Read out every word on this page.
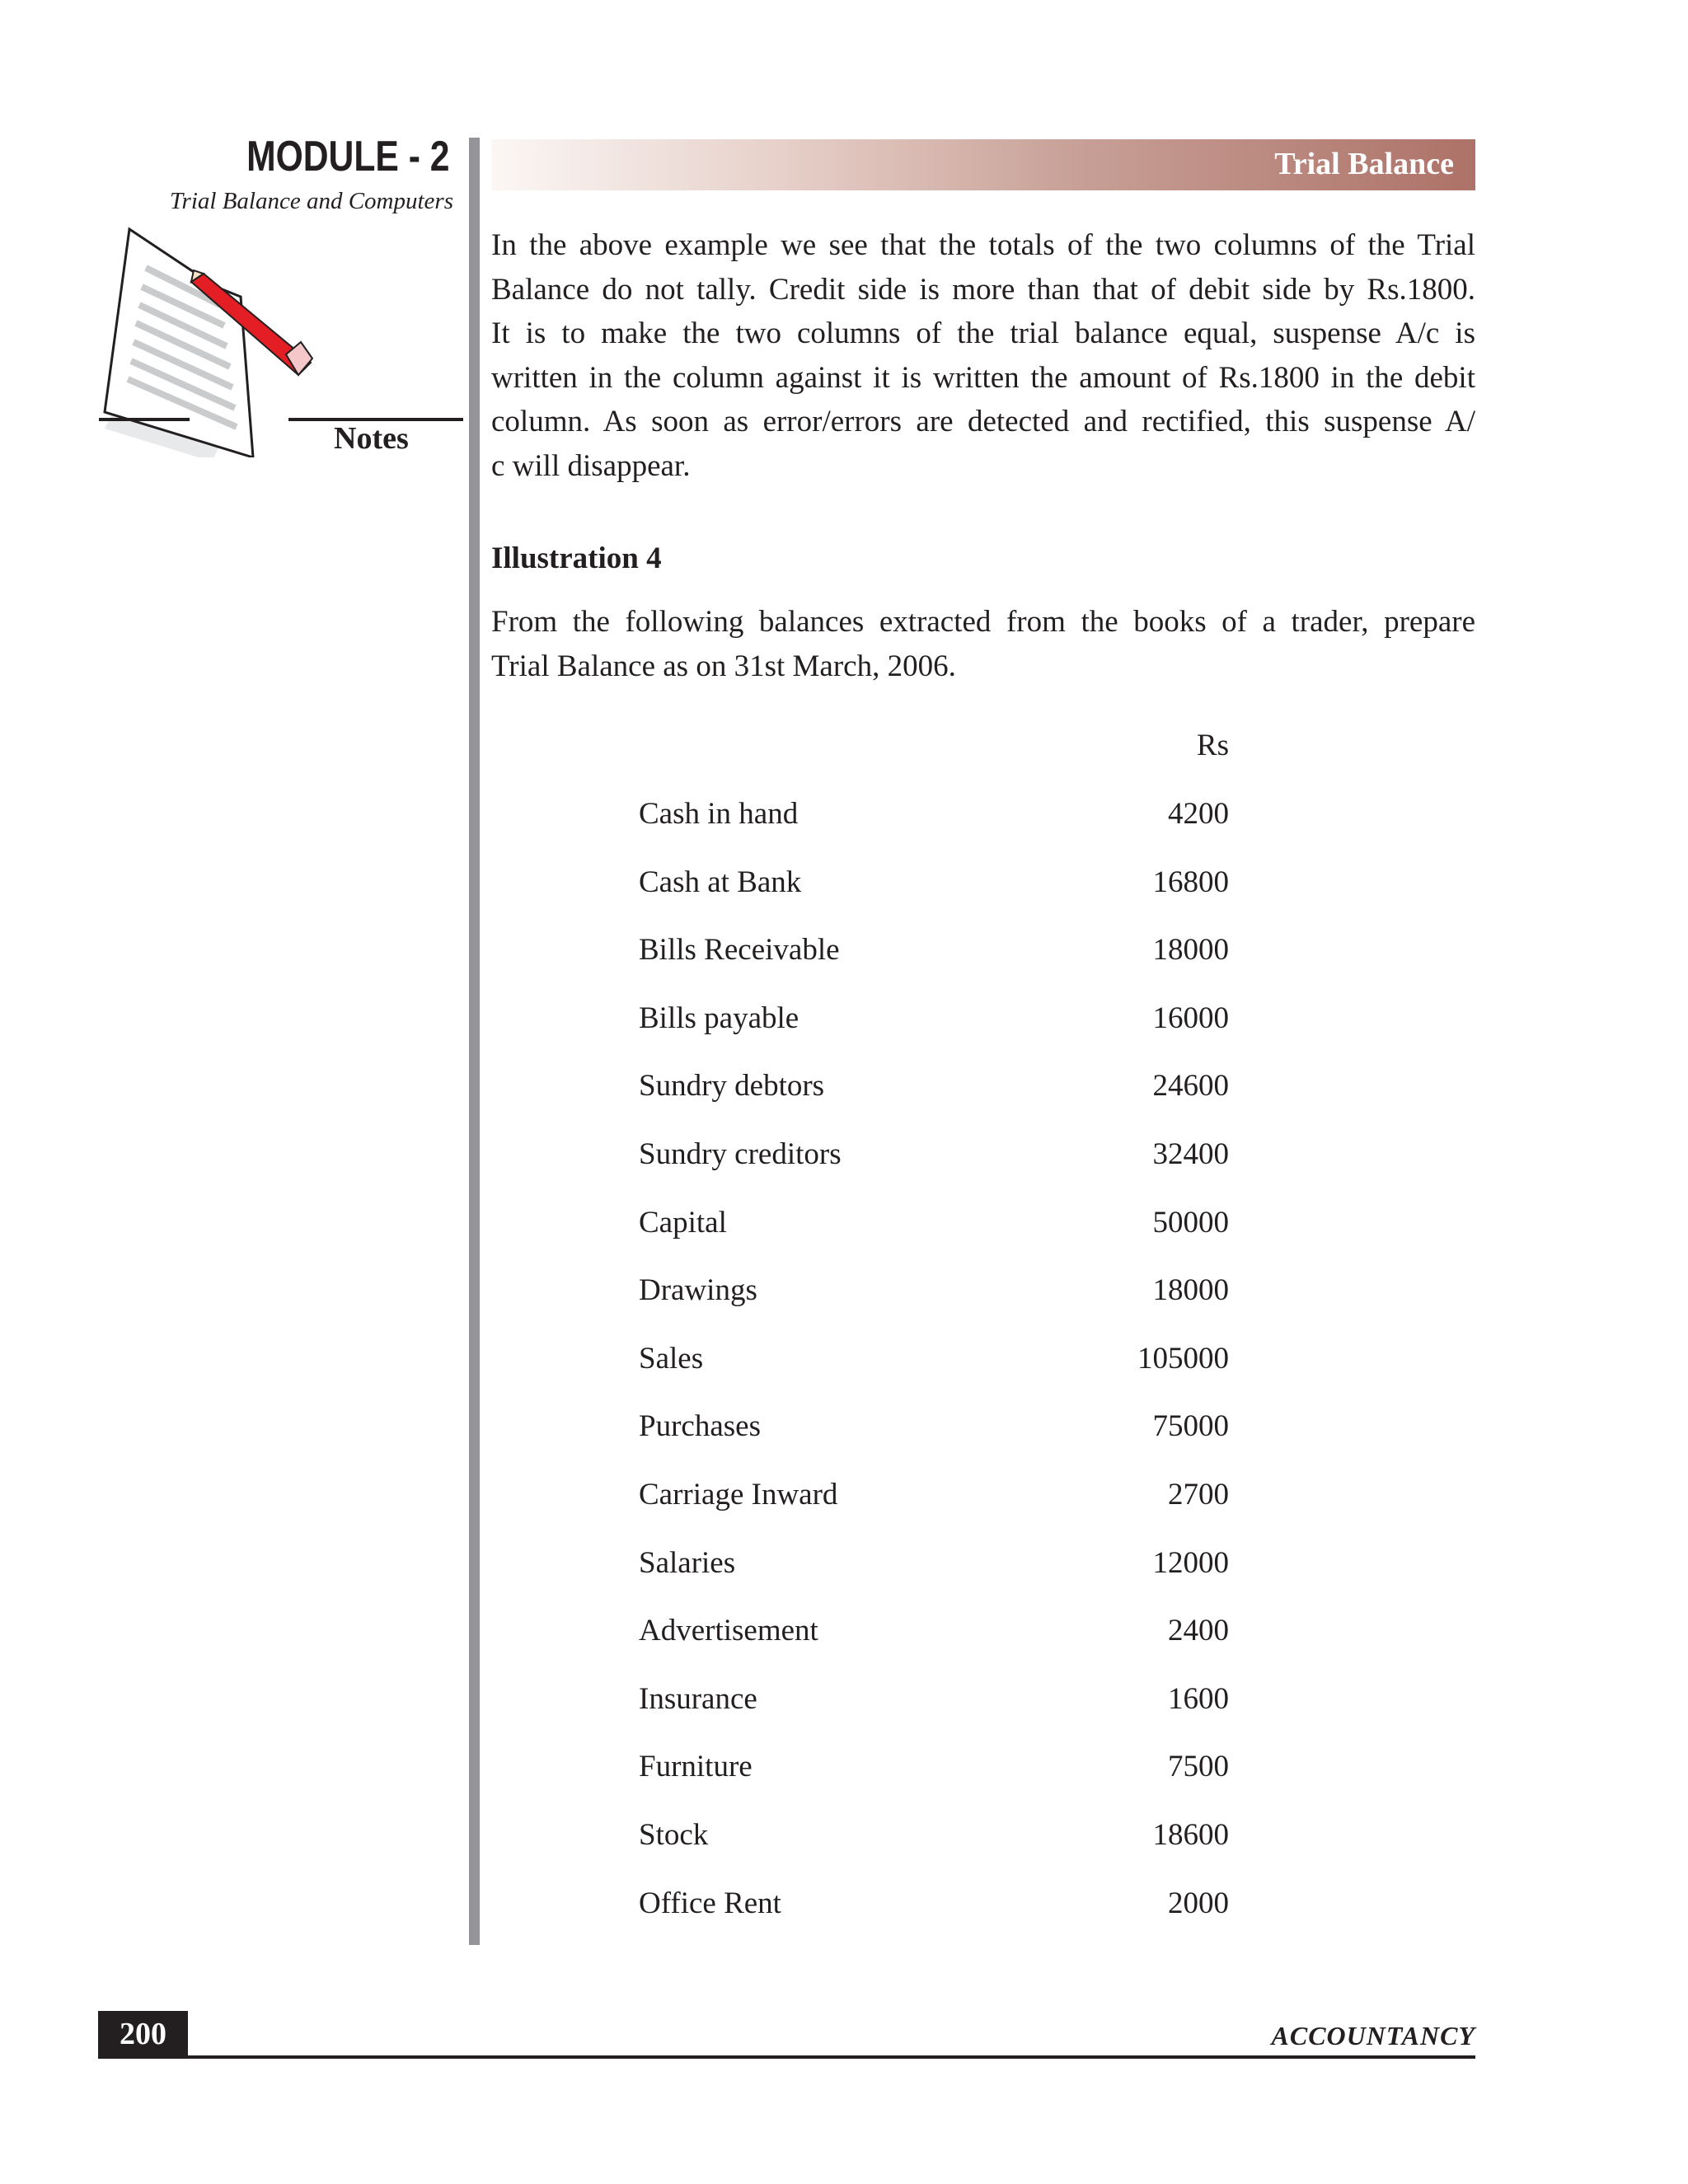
MODULE - 2
Trial Balance and Computers
Notes
Trial Balance
In the above example we see that the totals of the two columns of the Trial
Balance do not tally. Credit side is more than that of debit side by Rs.1800.
It is to make the two columns of the trial balance equal, suspense A/c is
written in the column against it is written the amount of Rs.1800 in the debit
column. As soon as error/errors are detected and rectified, this suspense A/
c will disappear.
Illustration 4
From the following balances extracted from the books of a trader, prepare
Trial Balance as on 31st March, 2006.
Rs
Cash in hand	4200
Cash at Bank	16800
Bills Receivable	18000
Bills payable	16000
Sundry debtors	24600
Sundry creditors	32400
Capital	50000
Drawings	18000
Sales	105000
Purchases	75000
Carriage Inward	2700
Salaries	12000
Advertisement	2400
Insurance	1600
Furniture	7500
Stock	18600
Office Rent	2000
200	ACCOUNTANCY
